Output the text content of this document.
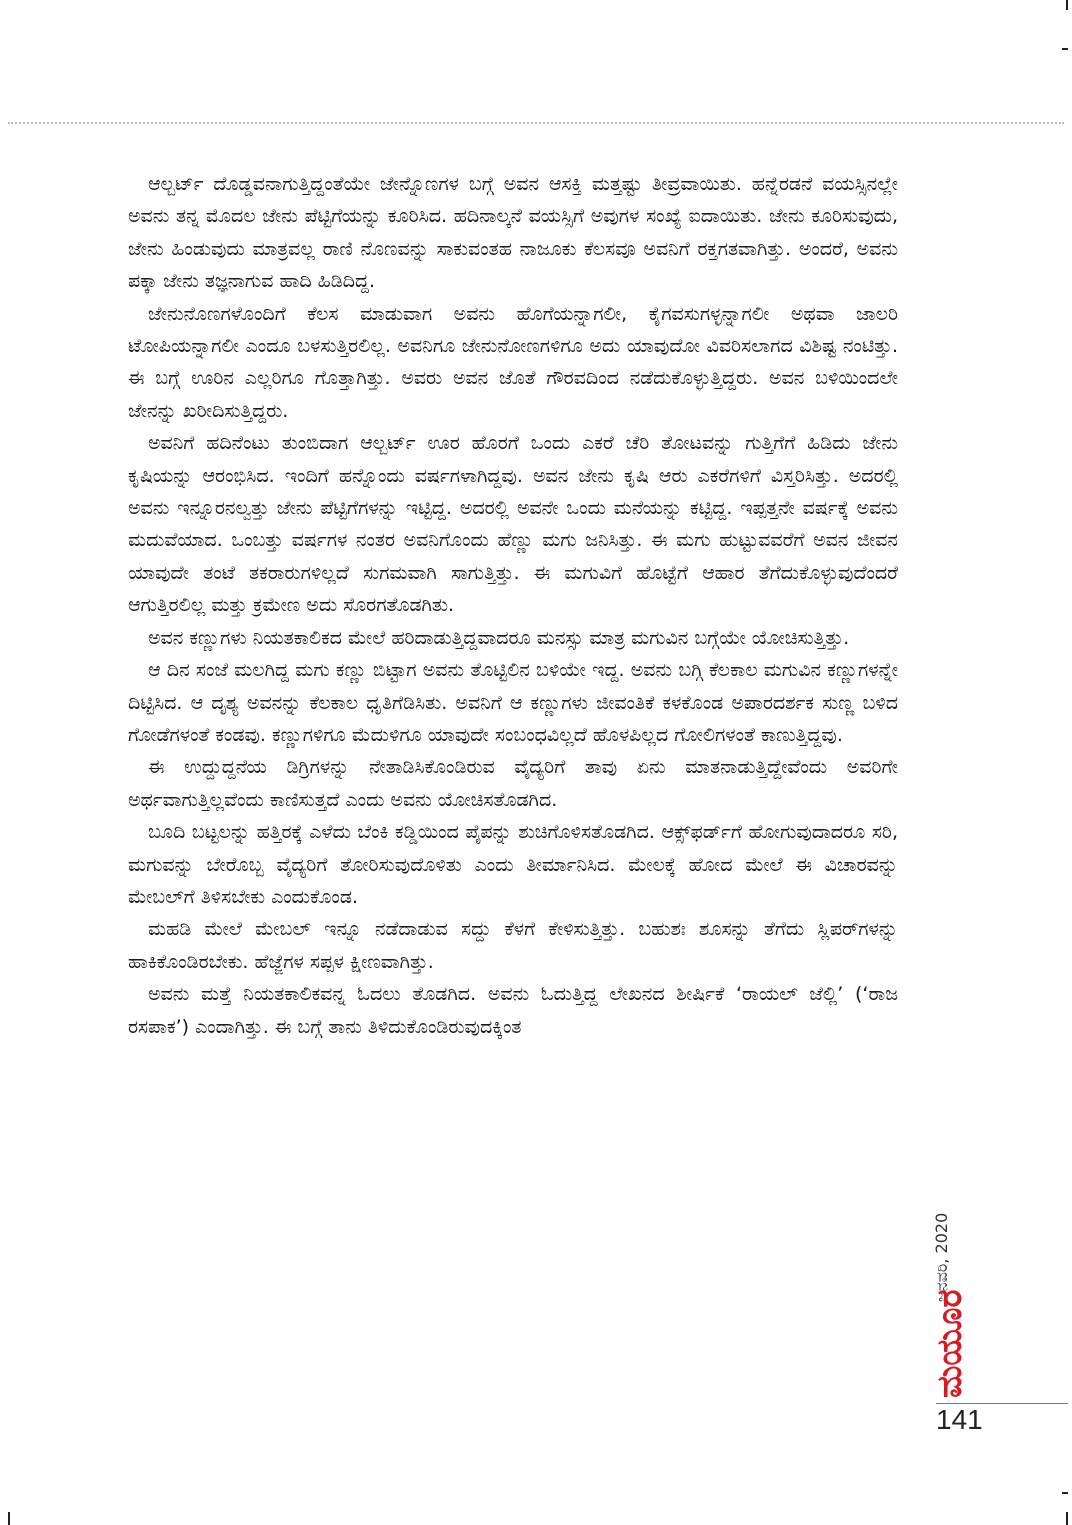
ಆಲ್ಬರ್ಟ್ ದೊಡ್ಡವನಾಗುತ್ತಿದ್ದಂತೆಯೇ ಜೇನ್ನೊಣಗಳ ಬಗ್ಗೆ ಅವನ ಆಸಕ್ತಿ ಮತ್ತಷ್ಟು ತೀವ್ರವಾಯಿತು. ಹನ್ನೆರಡನೆ ವಯಸ್ಸಿನಲ್ಲೇ ಅವನು ತನ್ನ ಮೊದಲ ಜೇನು ಪೆಟ್ಟಿಗೆಯನ್ನು ಕೂರಿಸಿದ. ಹದಿನಾಲ್ಕನೆ ವಯಸ್ಸಿಗೆ ಅವುಗಳ ಸಂಖ್ಯೆ ಐದಾಯಿತು. ಜೇನು ಕೂರಿಸುವುದು, ಜೇನು ಹಿಂಡುವುದು ಮಾತ್ರವಲ್ಲ ರಾಣಿ ನೊಣವನ್ನು ಸಾಕುವಂತಹ ನಾಜೂಕು ಕೆಲಸವೂ ಅವನಿಗೆ ರಕ್ತಗತವಾಗಿತ್ತು. ಅಂದರೆ, ಅವನು ಪಕ್ಕಾ ಜೇನು ತಜ್ಞನಾಗುವ ಹಾದಿ ಹಿಡಿದಿದ್ದ.

ಜೇನುನೊಣಗಳೊಂದಿಗೆ ಕೆಲಸ ಮಾಡುವಾಗ ಅವನು ಹೊಗೆಯನ್ನಾಗಲೀ, ಕೈಗವಸುಗಳ್ಳನ್ನಾಗಲೀ ಅಥವಾ ಜಾಲರಿ ಟೋಪಿಯನ್ನಾಗಲೀ ಎಂದೂ ಬಳಸುತ್ತಿರಲಿಲ್ಲ. ಅವನಿಗೂ ಜೇನುನೋಣಗಳಿಗೂ ಅದು ಯಾವುದೋ ವಿವರಿಸಲಾಗದ ವಿಶಿಷ್ಟ ನಂಟಿತ್ತು. ಈ ಬಗ್ಗೆ ಊರಿನ ಎಲ್ಲರಿಗೂ ಗೊತ್ತಾಗಿತ್ತು. ಅವರು ಅವನ ಜೊತೆ ಗೌರವದಿಂದ ನಡೆದುಕೊಳ್ಳುತ್ತಿದ್ದರು. ಅವನ ಬಳಿಯಿಂದಲೇ ಜೇನನ್ನು ಖರೀದಿಸುತ್ತಿದ್ದರು.

ಅವನಿಗೆ ಹದಿನೆಂಟು ತುಂಬಿದಾಗ ಆಲ್ಬರ್ಟ್ ಊರ ಹೊರಗೆ ಒಂದು ಎಕರೆ ಚೆರಿ ತೋಟವನ್ನು ಗುತ್ತಿಗೆಗೆ ಹಿಡಿದು ಜೇನು ಕೃಷಿಯನ್ನು ಆರಂಭಿಸಿದ. ಇಂದಿಗೆ ಹನ್ನೊಂದು ವರ್ಷಗಳಾಗಿದ್ದವು. ಅವನ ಜೇನು ಕೃಷಿ ಆರು ಎಕರೆಗಳಿಗೆ ವಿಸ್ತರಿಸಿತ್ತು. ಅದರಲ್ಲಿ ಅವನು ಇನ್ನೂರನಲ್ವತ್ತು ಜೇನು ಪೆಟ್ಟಿಗೆಗಳನ್ನು ಇಟ್ಟಿದ್ದ. ಅದರಲ್ಲಿ ಅವನೇ ಒಂದು ಮನೆಯನ್ನು ಕಟ್ಟಿದ್ದ. ಇಪ್ಪತ್ತನೇ ವರ್ಷಕ್ಕೆ ಅವನು ಮದುವೆಯಾದ. ಒಂಬತ್ತು ವರ್ಷಗಳ ನಂತರ ಅವನಿಗೊಂದು ಹೆಣ್ಣು ಮಗು ಜನಿಸಿತ್ತು. ಈ ಮಗು ಹುಟ್ಟುವವರೆಗೆ ಅವನ ಜೀವನ ಯಾವುದೇ ತಂಟೆ ತಕರಾರುಗಳಿಲ್ಲದೆ ಸುಗಮವಾಗಿ ಸಾಗುತ್ತಿತ್ತು. ಈ ಮಗುವಿಗೆ ಹೊಟ್ಟೆಗೆ ಆಹಾರ ತೆಗೆದುಕೊಳ್ಳುವುದೆಂದರೆ ಆಗುತ್ತಿರಲಿಲ್ಲ ಮತ್ತು ಕ್ರಮೇಣ ಅದು ಸೊರಗತೊಡಗಿತು.

ಅವನ ಕಣ್ಣುಗಳು ನಿಯತಕಾಲಿಕದ ಮೇಲೆ ಹರಿದಾಡುತ್ತಿದ್ದವಾದರೂ ಮನಸ್ಸು ಮಾತ್ರ ಮಗುವಿನ ಬಗ್ಗೆಯೇ ಯೋಚಿಸುತ್ತಿತ್ತು.

ಆ ದಿನ ಸಂಜೆ ಮಲಗಿದ್ದ ಮಗು ಕಣ್ಣು ಬಿಟ್ಟಾಗ ಅವನು ತೊಟ್ಟಿಲಿನ ಬಳಿಯೇ ಇದ್ದ. ಅವನು ಬಗ್ಗಿ ಕೆಲಕಾಲ ಮಗುವಿನ ಕಣ್ಣುಗಳನ್ನೇ ದಿಟ್ಟಿಸಿದ. ಆ ದೃಶ್ಯ ಅವನನ್ನು ಕೆಲಕಾಲ ಧೃತಿಗೆಡಿಸಿತು. ಅವನಿಗೆ ಆ ಕಣ್ಣುಗಳು ಜೀವಂತಿಕೆ ಕಳಕೊಂಡ ಅಪಾರದರ್ಶಕ ಸುಣ್ಣ ಬಳಿದ ಗೋಡೆಗಳಂತೆ ಕಂಡವು. ಕಣ್ಣುಗಳಿಗೂ ಮೆದುಳಿಗೂ ಯಾವುದೇ ಸಂಬಂಧವಿಲ್ಲದೆ ಹೊಳಪಿಲ್ಲದ ಗೋಲಿಗಳಂತೆ ಕಾಣುತ್ತಿದ್ದವು.

ಈ ಉದ್ದುದ್ದನೆಯ ಡಿಗ್ರಿಗಳನ್ನು ನೇತಾಡಿಸಿಕೊಂಡಿರುವ ವೈದ್ಯರಿಗೆ ತಾವು ಏನು ಮಾತನಾಡುತ್ತಿದ್ದೇವೆಂದು ಅವರಿಗೇ ಅರ್ಥವಾಗುತ್ತಿಲ್ಲವೆಂದು ಕಾಣಿಸುತ್ತದೆ ಎಂದು ಅವನು ಯೋಚಿಸತೊಡಗಿದ.

ಬೂದಿ ಬಟ್ಟಲನ್ನು ಹತ್ತಿರಕ್ಕೆ ಎಳೆದು ಬೆಂಕಿ ಕಡ್ಡಿಯಿಂದ ಪೈಪನ್ನು ಶುಚಿಗೊಳಿಸತೊಡಗಿದ. ಆಕ್ಸ್‌ಫರ್ಡ್‌ಗೆ ಹೋಗುವುದಾದರೂ ಸರಿ, ಮಗುವನ್ನು ಬೇರೊಬ್ಬ ವೈದ್ಯರಿಗೆ ತೋರಿಸುವುದೊಳಿತು ಎಂದು ತೀರ್ಮಾನಿಸಿದ. ಮೇಲಕ್ಕೆ ಹೋದ ಮೇಲೆ ಈ ವಿಚಾರವನ್ನು ಮೇಬಲ್‌ಗೆ ತಿಳಿಸಬೇಕು ಎಂದುಕೊಂಡ.

ಮಹಡಿ ಮೇಲೆ ಮೇಬಲ್ ಇನ್ನೂ ನಡೆದಾಡುವ ಸದ್ದು ಕೆಳಗೆ ಕೇಳಿಸುತ್ತಿತ್ತು. ಬಹುಶಃ ಶೂಸನ್ನು ತೆಗೆದು ಸ್ಲಿಪರ್‌ಗಳನ್ನು ಹಾಕಿಕೊಂಡಿರಬೇಕು. ಹೆಜ್ಜೆಗಳ ಸಪ್ಪಳ ಕ್ಷೀಣವಾಗಿತ್ತು.

ಅವನು ಮತ್ತೆ ನಿಯತಕಾಲಿಕವನ್ನ ಓದಲು ತೊಡಗಿದ. ಅವನು ಓದುತ್ತಿದ್ದ ಲೇಖನದ ಶೀರ್ಷಿಕೆ ‘ರಾಯಲ್ ಜೆಲ್ಲಿ’ (‘ರಾಜ ರಸಪಾಕ’) ಎಂದಾಗಿತ್ತು. ಈ ಬಗ್ಗೆ ತಾನು ತಿಳಿದುಕೊಂಡಿರುವುದಕ್ಕಿಂತ

ಜನವರಿ, 2020
ಮಯೂರ
141
